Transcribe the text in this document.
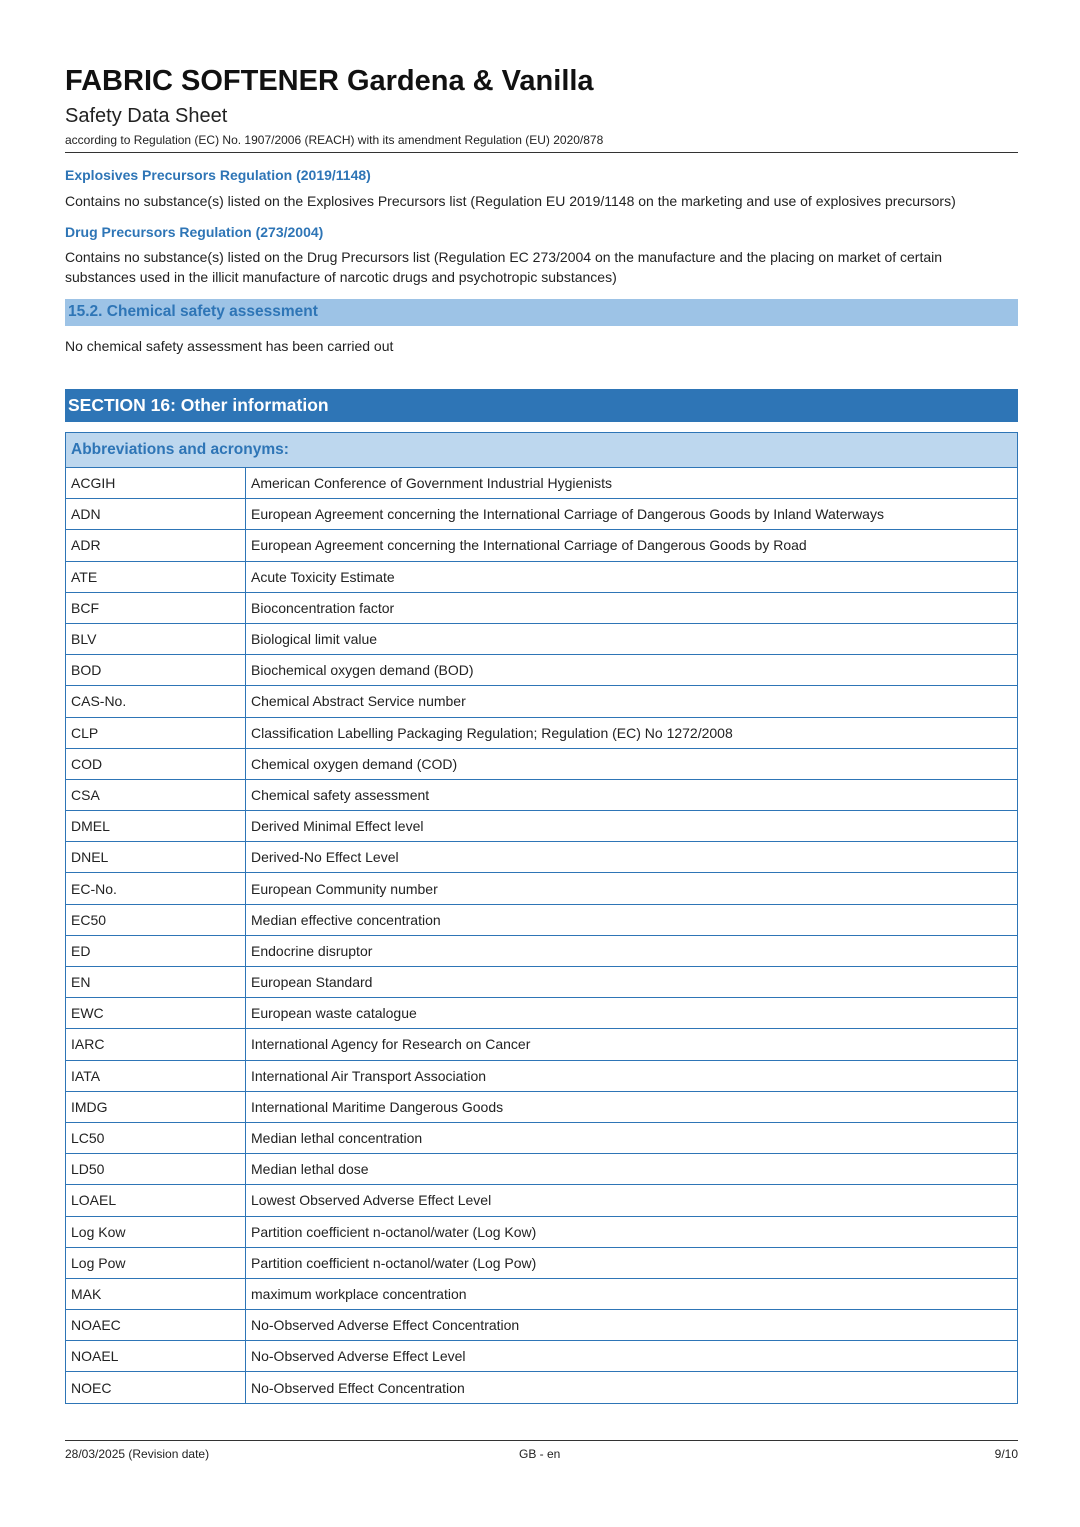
FABRIC SOFTENER Gardena & Vanilla
Safety Data Sheet
according to Regulation (EC) No. 1907/2006 (REACH) with its amendment Regulation (EU) 2020/878
Explosives Precursors Regulation (2019/1148)
Contains no substance(s) listed on the Explosives Precursors list (Regulation EU 2019/1148 on the marketing and use of explosives precursors)
Drug Precursors Regulation (273/2004)
Contains no substance(s) listed on the Drug Precursors list (Regulation EC 273/2004 on the manufacture and the placing on market of certain substances used in the illicit manufacture of narcotic drugs and psychotropic substances)
15.2. Chemical safety assessment
No chemical safety assessment has been carried out
SECTION 16: Other information
Abbreviations and acronyms:	
ACGIH	American Conference of Government Industrial Hygienists
ADN	European Agreement concerning the International Carriage of Dangerous Goods by Inland Waterways
ADR	European Agreement concerning the International Carriage of Dangerous Goods by Road
ATE	Acute Toxicity Estimate
BCF	Bioconcentration factor
BLV	Biological limit value
BOD	Biochemical oxygen demand (BOD)
CAS-No.	Chemical Abstract Service number
CLP	Classification Labelling Packaging Regulation; Regulation (EC) No 1272/2008
COD	Chemical oxygen demand (COD)
CSA	Chemical safety assessment
DMEL	Derived Minimal Effect level
DNEL	Derived-No Effect Level
EC-No.	European Community number
EC50	Median effective concentration
ED	Endocrine disruptor
EN	European Standard
EWC	European waste catalogue
IARC	International Agency for Research on Cancer
IATA	International Air Transport Association
IMDG	International Maritime Dangerous Goods
LC50	Median lethal concentration
LD50	Median lethal dose
LOAEL	Lowest Observed Adverse Effect Level
Log Kow	Partition coefficient n-octanol/water (Log Kow)
Log Pow	Partition coefficient n-octanol/water (Log Pow)
MAK	maximum workplace concentration
NOAEC	No-Observed Adverse Effect Concentration
NOAEL	No-Observed Adverse Effect Level
NOEC	No-Observed Effect Concentration
28/03/2025 (Revision date)	GB - en	9/10
